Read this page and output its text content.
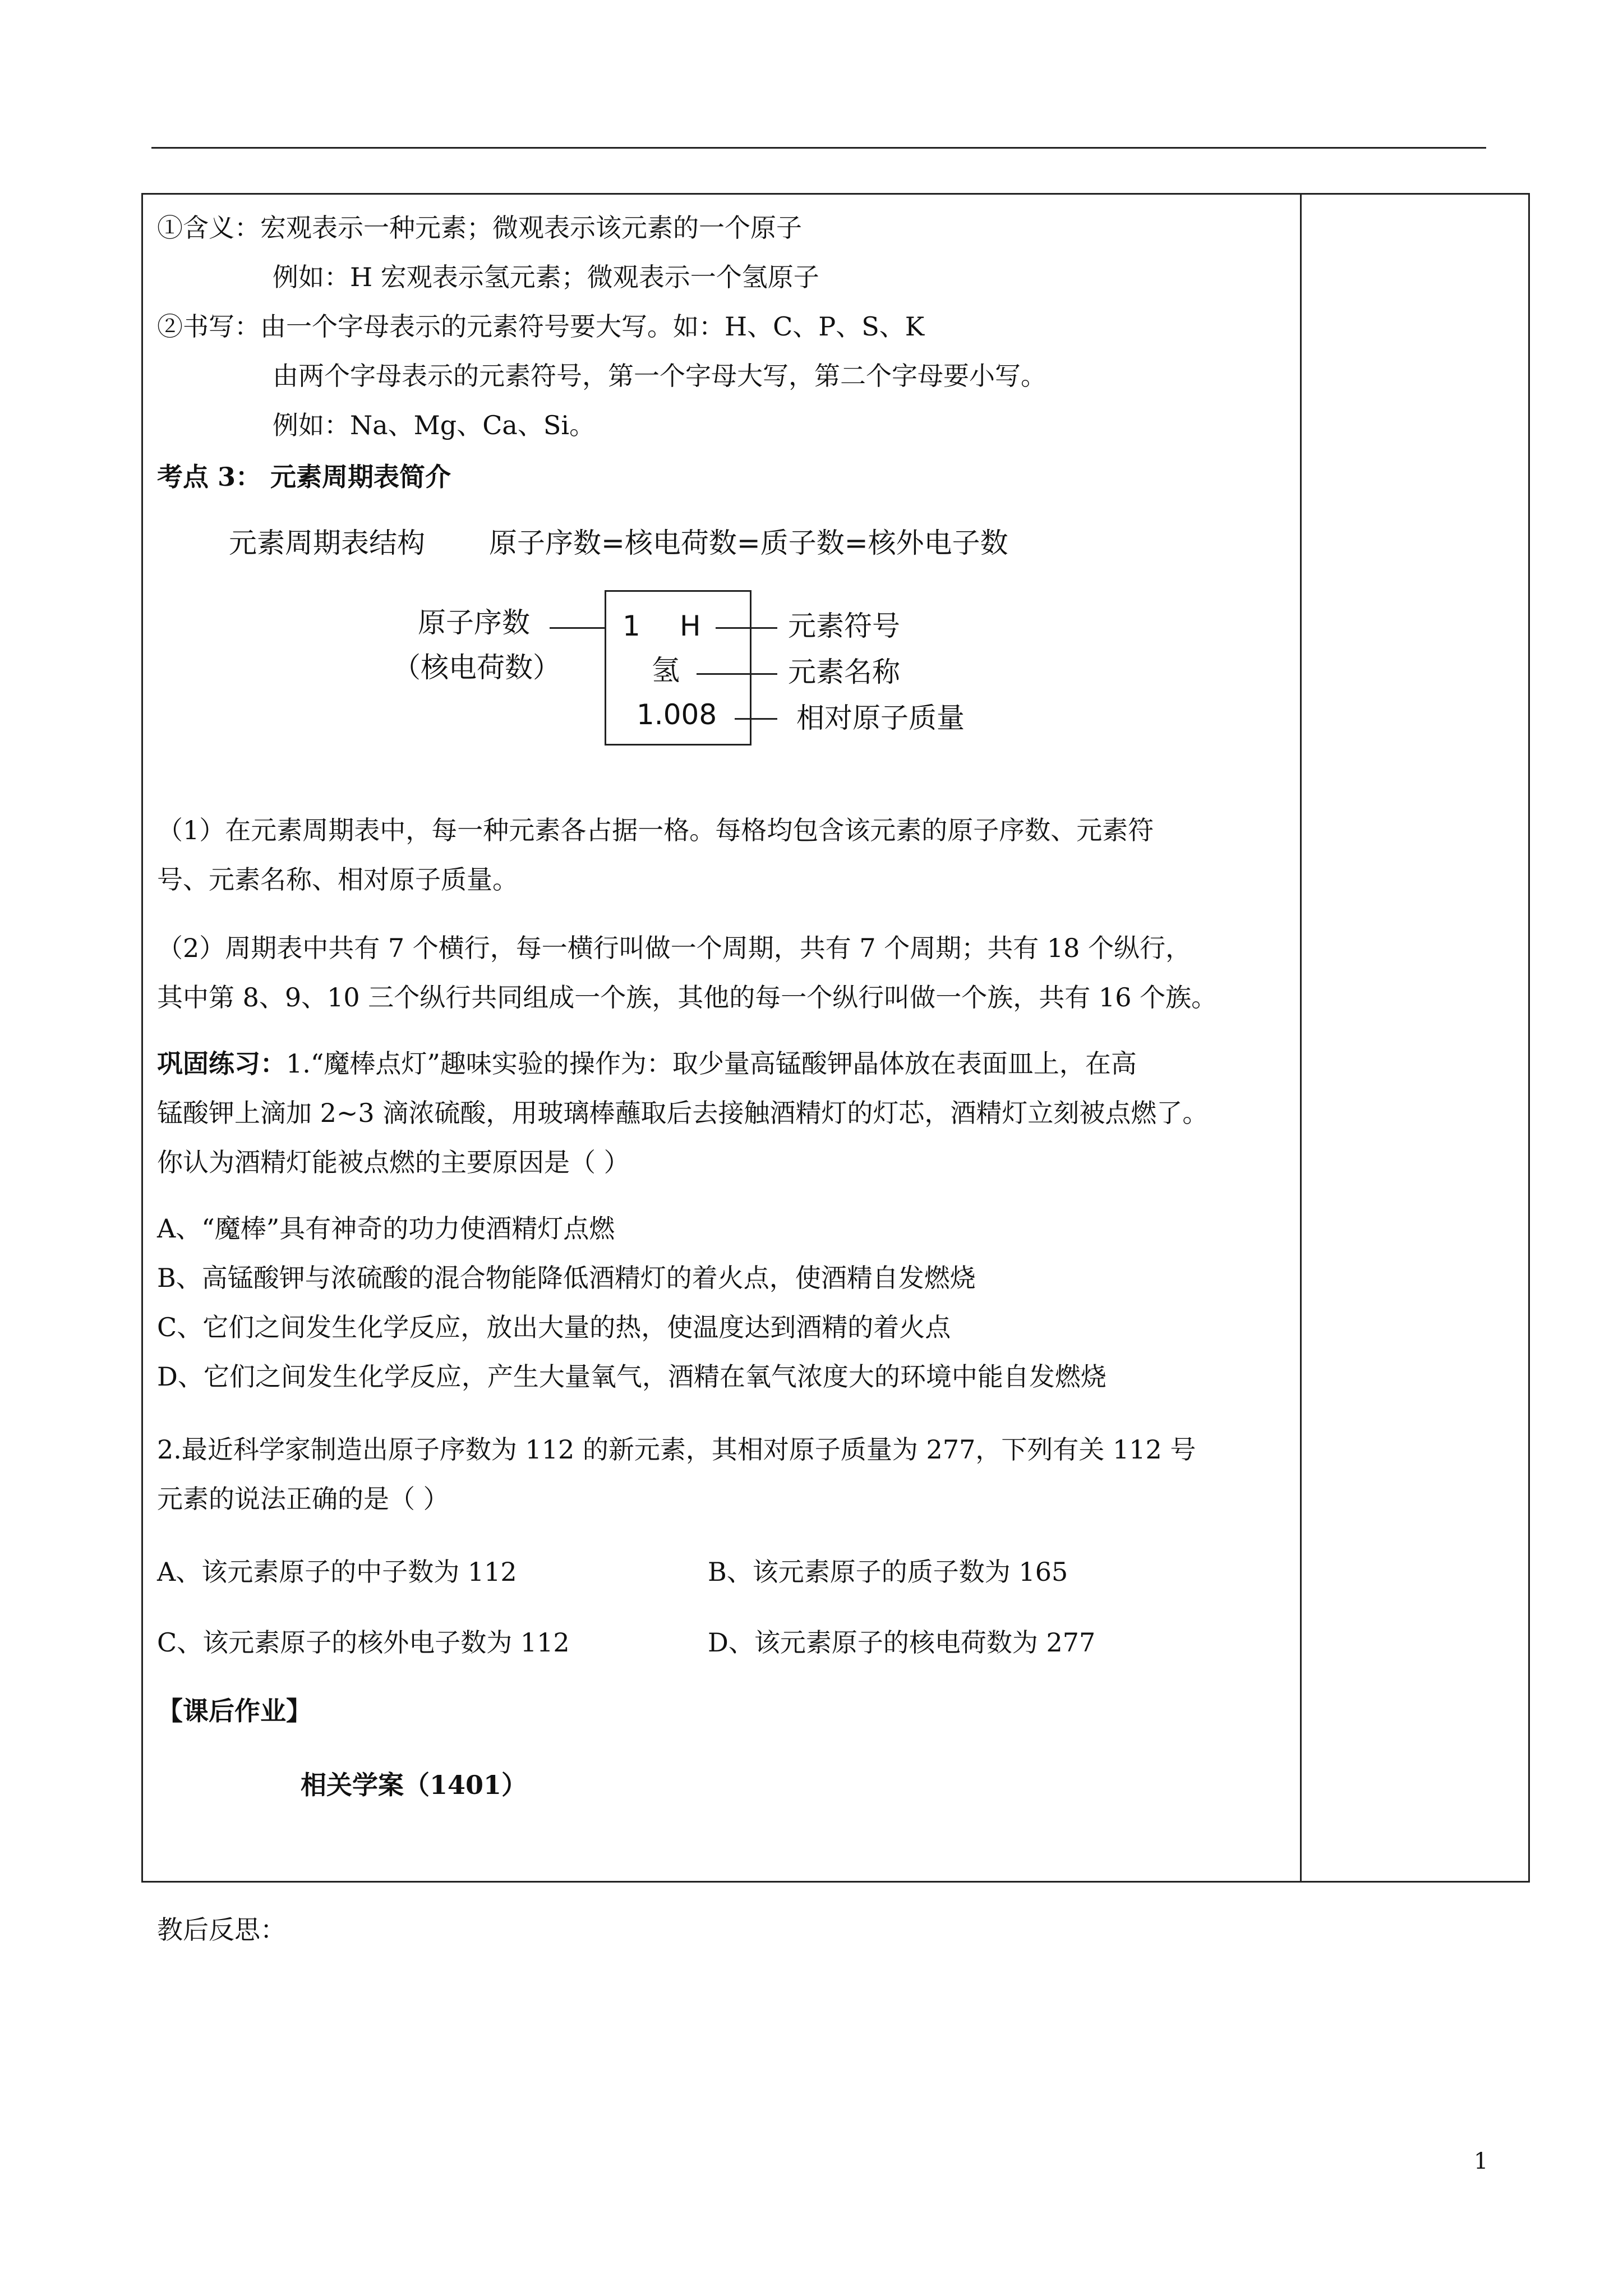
①含义：宏观表示一种元素；微观表示该元素的一个原子
例如：H 宏观表示氢元素；微观表示一个氢原子
②书写：由一个字母表示的元素符号要大写。如：H、C、P、S、K
由两个字母表示的元素符号，第一个字母大写，第二个字母要小写。
例如：Na、Mg、Ca、Si。
考点 3： 元素周期表简介
元素周期表结构 原子序数=核电荷数=质子数=核外电子数
原子序数
（核电荷数）
1 H
氢
1.008
元素符号
元素名称
相对原子质量
（1）在元素周期表中，每一种元素各占据一格。每格均包含该元素的原子序数、元素符
号、元素名称、相对原子质量。
（2）周期表中共有 7 个横行，每一横行叫做一个周期，共有 7 个周期；共有 18 个纵行，
其中第 8、9、10 三个纵行共同组成一个族，其他的每一个纵行叫做一个族，共有 16 个族。
巩固练习：1.“魔棒点灯”趣味实验的操作为：取少量高锰酸钾晶体放在表面皿上，在高
锰酸钾上滴加 2~3 滴浓硫酸，用玻璃棒蘸取后去接触酒精灯的灯芯，酒精灯立刻被点燃了。
你认为酒精灯能被点燃的主要原因是（ ）
A、“魔棒”具有神奇的功力使酒精灯点燃
B、高锰酸钾与浓硫酸的混合物能降低酒精灯的着火点，使酒精自发燃烧
C、它们之间发生化学反应，放出大量的热，使温度达到酒精的着火点
D、它们之间发生化学反应，产生大量氧气，酒精在氧气浓度大的环境中能自发燃烧
2.最近科学家制造出原子序数为 112 的新元素，其相对原子质量为 277，下列有关 112 号
元素的说法正确的是（ ）
A、该元素原子的中子数为 112	B、该元素原子的质子数为 165
C、该元素原子的核外电子数为 112	D、该元素原子的核电荷数为 277
【课后作业】
相关学案（1401）
教后反思：
1
